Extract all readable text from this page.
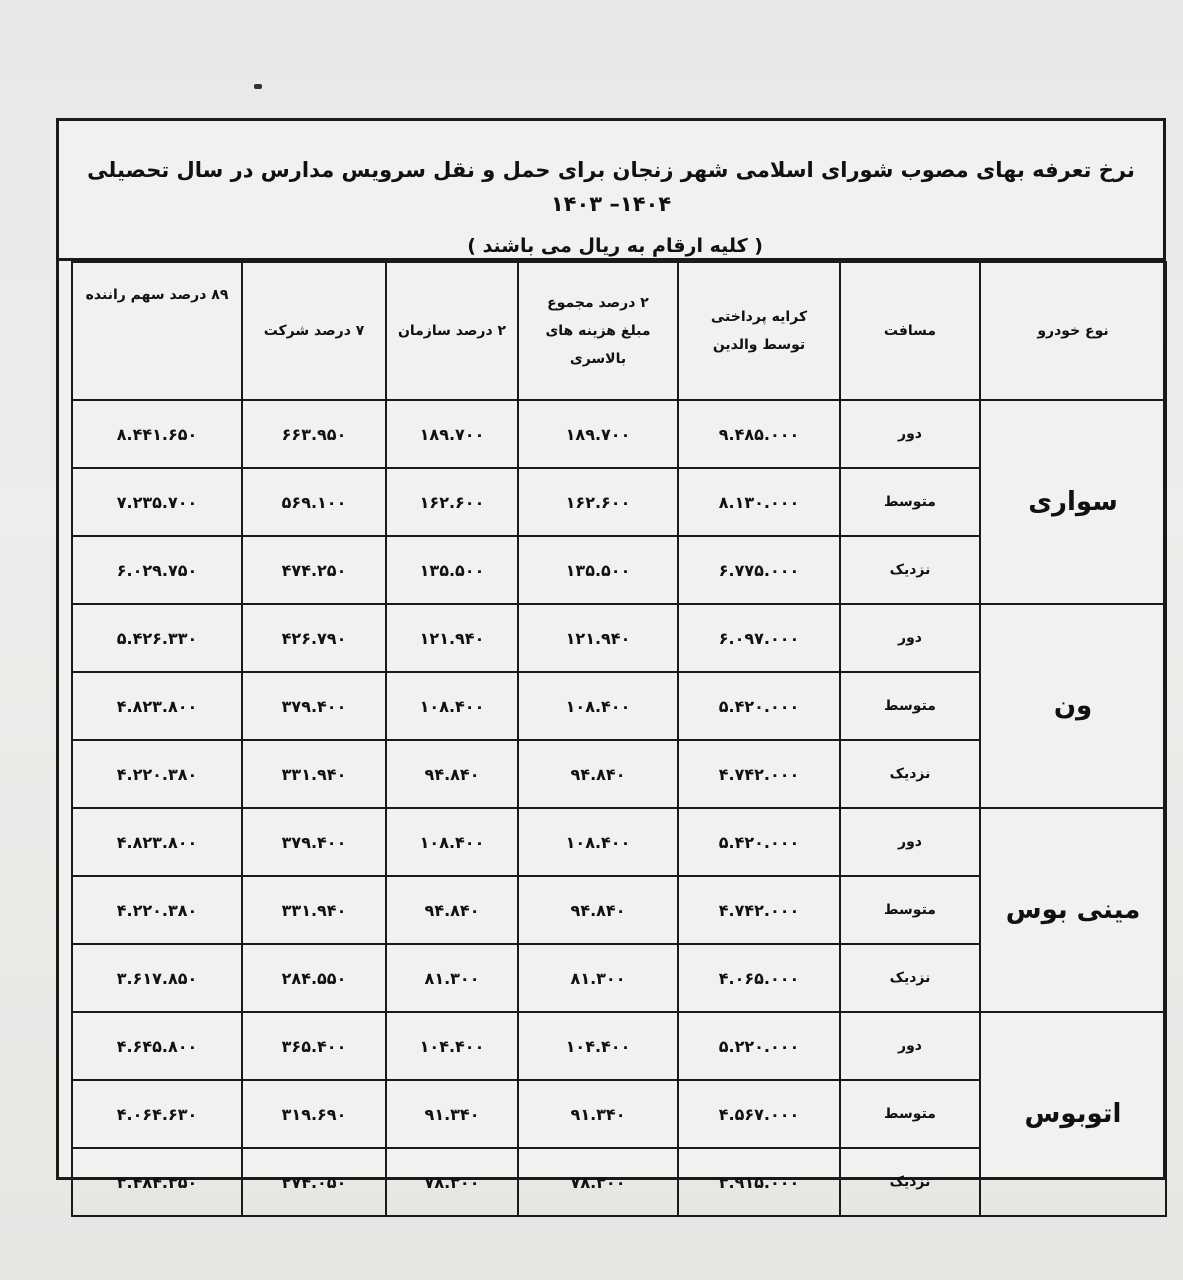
نرخ تعرفه بهای مصوب شورای اسلامی شهر زنجان برای حمل و نقل سرویس مدارس در سال تحصیلی ۱۴۰۴– ۱۴۰۳
( کلیه ارقام به ریال می باشند )
نوع خودرو	مسافت	کرایه پرداختی توسط والدین	۲ درصد مجموع مبلغ هزینه های بالاسری	۲ درصد سازمان	۷ درصد شرکت	۸۹ درصد سهم راننده
سواری	دور	۹.۴۸۵.۰۰۰	۱۸۹.۷۰۰	۱۸۹.۷۰۰	۶۶۳.۹۵۰	۸.۴۴۱.۶۵۰
	متوسط	۸.۱۳۰.۰۰۰	۱۶۲.۶۰۰	۱۶۲.۶۰۰	۵۶۹.۱۰۰	۷.۲۳۵.۷۰۰
	نزدیک	۶.۷۷۵.۰۰۰	۱۳۵.۵۰۰	۱۳۵.۵۰۰	۴۷۴.۲۵۰	۶.۰۲۹.۷۵۰
ون	دور	۶.۰۹۷.۰۰۰	۱۲۱.۹۴۰	۱۲۱.۹۴۰	۴۲۶.۷۹۰	۵.۴۲۶.۳۳۰
	متوسط	۵.۴۲۰.۰۰۰	۱۰۸.۴۰۰	۱۰۸.۴۰۰	۳۷۹.۴۰۰	۴.۸۲۳.۸۰۰
	نزدیک	۴.۷۴۲.۰۰۰	۹۴.۸۴۰	۹۴.۸۴۰	۳۳۱.۹۴۰	۴.۲۲۰.۳۸۰
مینی بوس	دور	۵.۴۲۰.۰۰۰	۱۰۸.۴۰۰	۱۰۸.۴۰۰	۳۷۹.۴۰۰	۴.۸۲۳.۸۰۰
	متوسط	۴.۷۴۲.۰۰۰	۹۴.۸۴۰	۹۴.۸۴۰	۳۳۱.۹۴۰	۴.۲۲۰.۳۸۰
	نزدیک	۴.۰۶۵.۰۰۰	۸۱.۳۰۰	۸۱.۳۰۰	۲۸۴.۵۵۰	۳.۶۱۷.۸۵۰
اتوبوس	دور	۵.۲۲۰.۰۰۰	۱۰۴.۴۰۰	۱۰۴.۴۰۰	۳۶۵.۴۰۰	۴.۶۴۵.۸۰۰
	متوسط	۴.۵۶۷.۰۰۰	۹۱.۳۴۰	۹۱.۳۴۰	۳۱۹.۶۹۰	۴.۰۶۴.۶۳۰
	نزدیک	۳.۹۱۵.۰۰۰	۷۸.۳۰۰	۷۸.۳۰۰	۲۷۴.۰۵۰	۳.۴۸۴.۳۵۰
